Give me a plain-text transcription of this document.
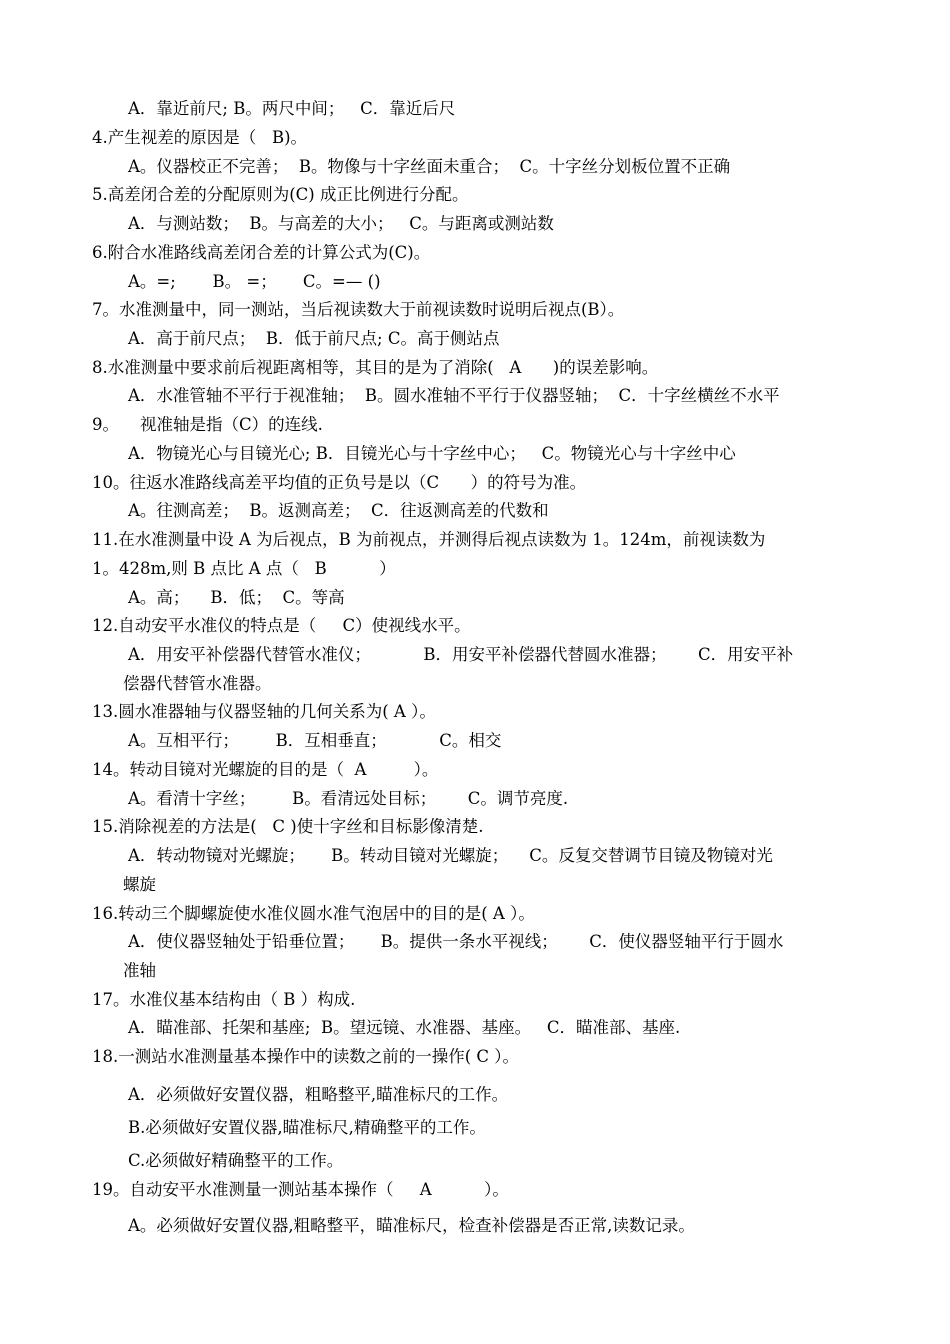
A．靠近前尺; B。两尺中间；   C．靠近后尺
4.产生视差的原因是（   B)。
A。仪器校正不完善；  B。物像与十字丝面未重合；  C。十字丝分划板位置不正确
5.高差闭合差的分配原则为(C) 成正比例进行分配。
A．与测站数；  B。与高差的大小；   C。与距离或测站数
6.附合水准路线高差闭合差的计算公式为(C)。
A。=;       B。 =；     C。=— ()
7。水准测量中，同一测站，当后视读数大于前视读数时说明后视点(B）。
A．高于前尺点；  B．低于前尺点; C。高于侧站点
8.水准测量中要求前后视距离相等，其目的是为了消除(   A      )的误差影响。
A．水准管轴不平行于视准轴；  B。圆水准轴不平行于仪器竖轴；  C．十字丝横丝不水平
9。    视准轴是指（C）的连线.
A．物镜光心与目镜光心; B．目镜光心与十字丝中心；   C。物镜光心与十字丝中心
10。往返水准路线高差平均值的正负号是以（C      ）的符号为准。
A。往测高差；  B。返测高差；  C．往返测高差的代数和
11.在水准测量中设 A 为后视点，B 为前视点，并测得后视点读数为 1。124m，前视读数为
1。428m,则 B 点比 A 点（   B          ）
A。高；    B．低；  C。等高
12.自动安平水准仪的特点是（     C）使视线水平。
A．用安平补偿器代替管水准仪；          B．用安平补偿器代替圆水准器；      C．用安平补
偿器代替管水准器。
13.圆水准器轴与仪器竖轴的几何关系为( A ）。
A。互相平行；       B．互相垂直；          C。相交
14。转动目镜对光螺旋的目的是（  A         ）。
A。看清十字丝；       B。看清远处目标；      C。调节亮度.
15.消除视差的方法是(   C )使十字丝和目标影像清楚.
A．转动物镜对光螺旋；     B。转动目镜对光螺旋；    C。反复交替调节目镜及物镜对光
螺旋
16.转动三个脚螺旋使水准仪圆水准气泡居中的目的是( A ）。
A．使仪器竖轴处于铅垂位置；     B。提供一条水平视线；      C．使仪器竖轴平行于圆水
准轴
17。水准仪基本结构由（ B ）构成.
A．瞄准部、托架和基座;  B。望远镜、水准器、基座。   C．瞄准部、基座.
18.一测站水准测量基本操作中的读数之前的一操作( C ）。
A．必须做好安置仪器，粗略整平,瞄准标尺的工作。
B.必须做好安置仪器,瞄准标尺,精确整平的工作。
C.必须做好精确整平的工作。
19。自动安平水准测量一测站基本操作（     A          ）。
A。必须做好安置仪器,粗略整平，瞄准标尺，检查补偿器是否正常,读数记录。
